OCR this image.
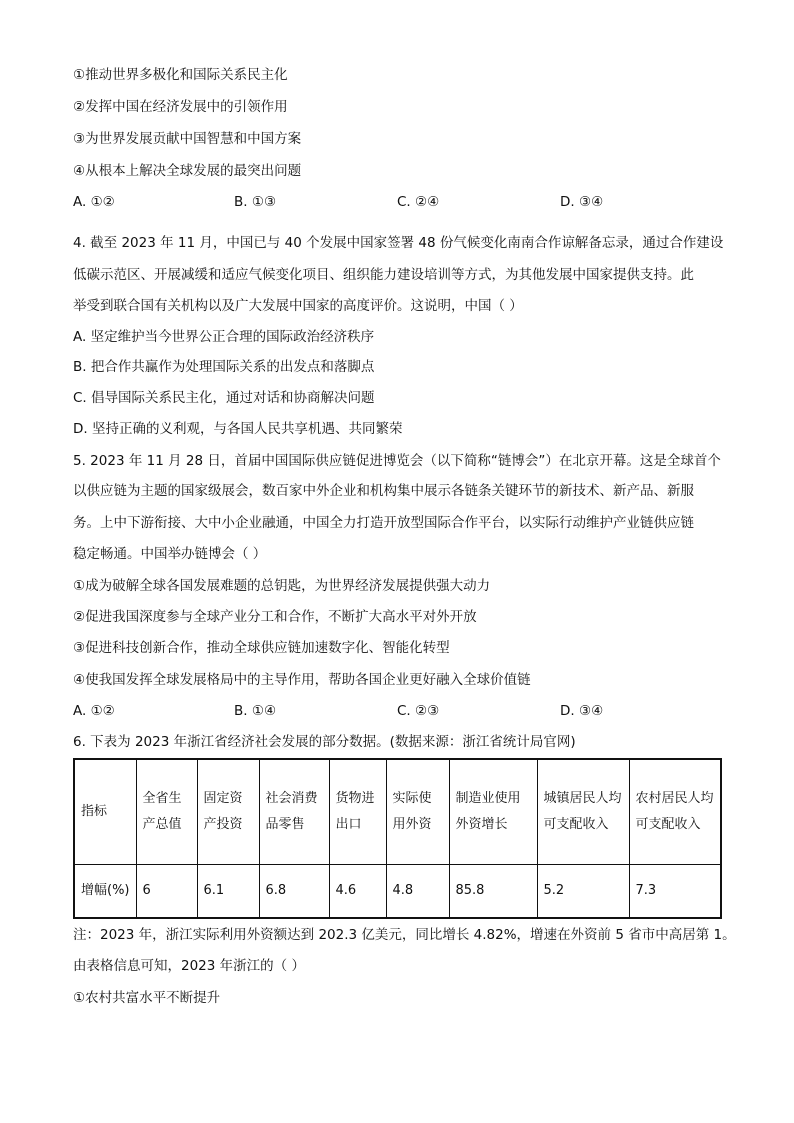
①推动世界多极化和国际关系民主化
②发挥中国在经济发展中的引领作用
③为世界发展贡献中国智慧和中国方案
④从根本上解决全球发展的最突出问题
A. ①②	B. ①③	C. ②④	D. ③④
4. 截至 2023 年 11 月，中国已与 40 个发展中国家签署 48 份气候变化南南合作谅解备忘录，通过合作建设
低碳示范区、开展减缓和适应气候变化项目、组织能力建设培训等方式，为其他发展中国家提供支持。此
举受到联合国有关机构以及广大发展中国家的高度评价。这说明，中国（ ）
A. 坚定维护当今世界公正合理的国际政治经济秩序
B. 把合作共赢作为处理国际关系的出发点和落脚点
C. 倡导国际关系民主化，通过对话和协商解决问题
D. 坚持正确的义利观，与各国人民共享机遇、共同繁荣
5. 2023 年 11 月 28 日，首届中国国际供应链促进博览会（以下简称“链博会”）在北京开幕。这是全球首个
以供应链为主题的国家级展会，数百家中外企业和机构集中展示各链条关键环节的新技术、新产品、新服
务。上中下游衔接、大中小企业融通，中国全力打造开放型国际合作平台，以实际行动维护产业链供应链
稳定畅通。中国举办链博会（ ）
①成为破解全球各国发展难题的总钥匙，为世界经济发展提供强大动力
②促进我国深度参与全球产业分工和合作，不断扩大高水平对外开放
③促进科技创新合作，推动全球供应链加速数字化、智能化转型
④使我国发挥全球发展格局中的主导作用，帮助各国企业更好融入全球价值链
A. ①②	B. ①④	C. ②③	D. ③④
6. 下表为 2023 年浙江省经济社会发展的部分数据。(数据来源：浙江省统计局官网)
指标	全省生产总值	固定资产投资	社会消费品零售	货物进出口	实际使用外资	制造业使用外资增长	城镇居民人均可支配收入	农村居民人均可支配收入
增幅(%)	6	6.1	6.8	4.6	4.8	85.8	5.2	7.3
注：2023 年，浙江实际利用外资额达到 202.3 亿美元，同比增长 4.82%，增速在外资前 5 省市中高居第 1。
由表格信息可知，2023 年浙江的（ ）
①农村共富水平不断提升
